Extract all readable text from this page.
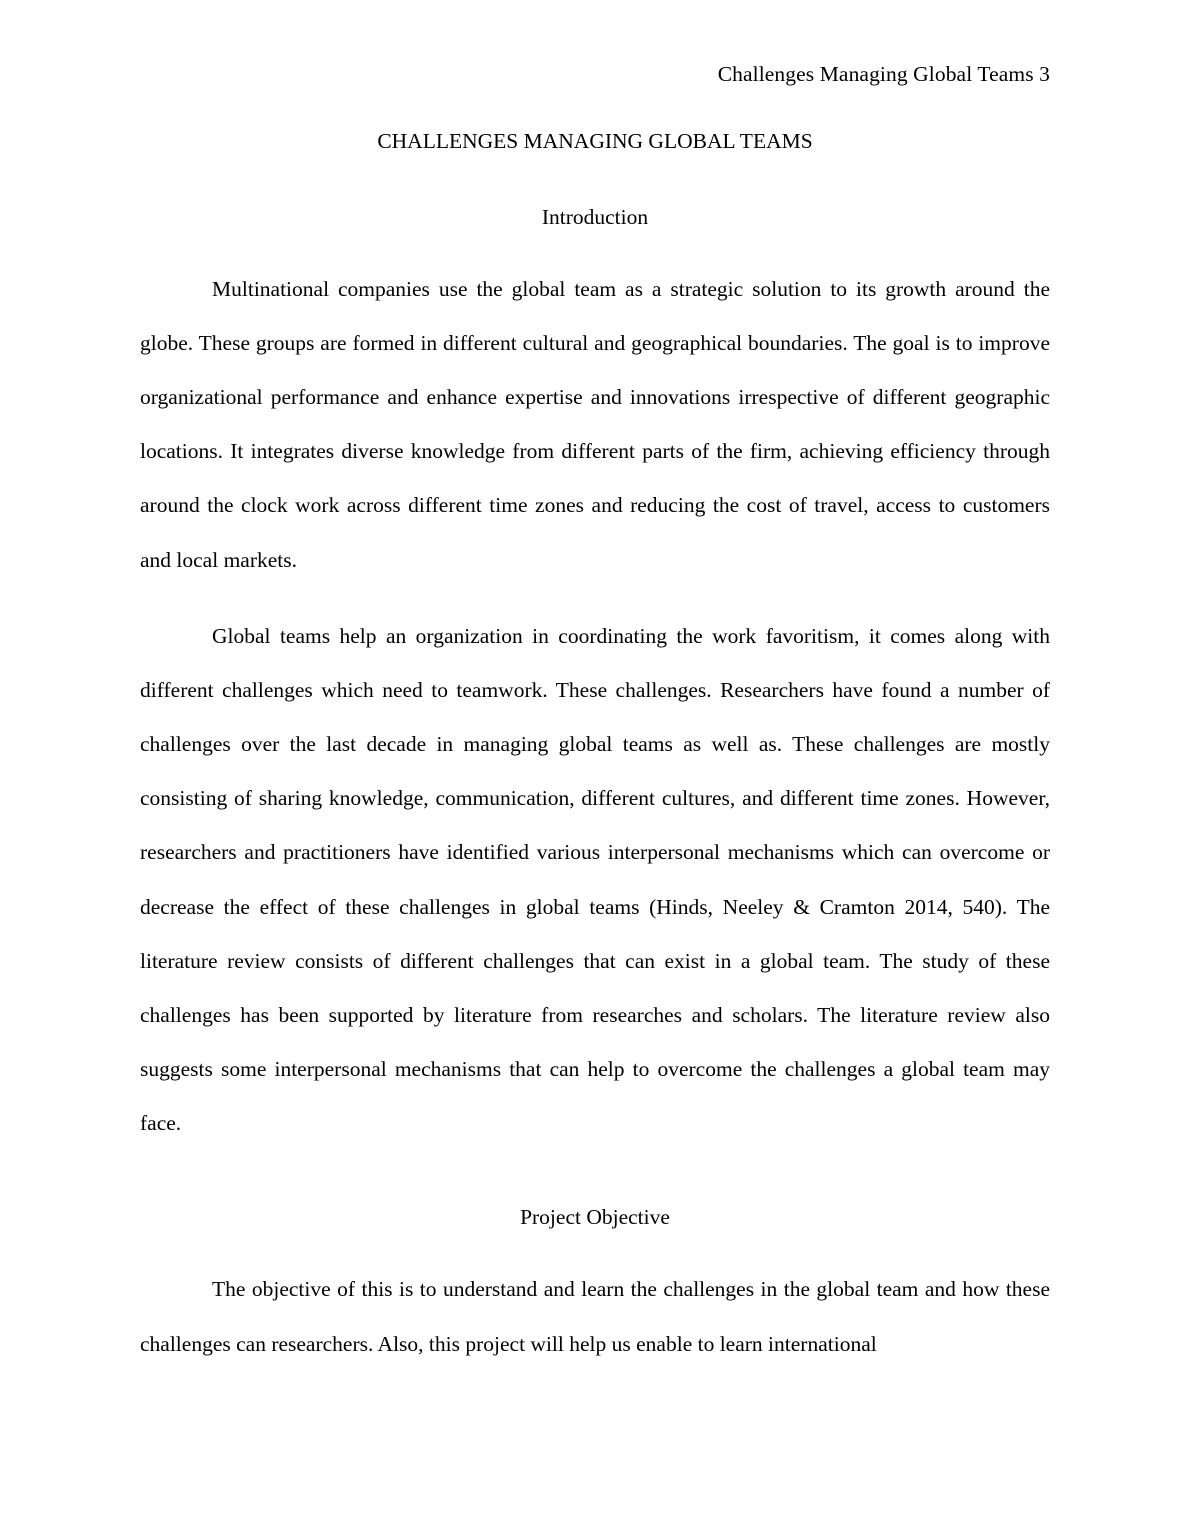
Challenges Managing Global Teams 3
CHALLENGES MANAGING GLOBAL TEAMS
Introduction

Multinational companies use the global team as a strategic solution to its growth around the globe. These groups are formed in different cultural and geographical boundaries. The goal is to improve organizational performance and enhance expertise and innovations irrespective of different geographic locations. It integrates diverse knowledge from different parts of the firm, achieving efficiency through around the clock work across different time zones and reducing the cost of travel, access to customers and local markets.

Global teams help an organization in coordinating the work favoritism, it comes along with different challenges which need to teamwork. These challenges. Researchers have found a number of challenges over the last decade in managing global teams as well as. These challenges are mostly consisting of sharing knowledge, communication, different cultures, and different time zones. However, researchers and practitioners have identified various interpersonal mechanisms which can overcome or decrease the effect of these challenges in global teams (Hinds, Neeley & Cramton 2014, 540). The literature review consists of different challenges that can exist in a global team. The study of these challenges has been supported by literature from researches and scholars. The literature review also suggests some interpersonal mechanisms that can help to overcome the challenges a global team may face.

Project Objective

The objective of this is to understand and learn the challenges in the global team and how these challenges can researchers. Also, this project will help us enable to learn international
